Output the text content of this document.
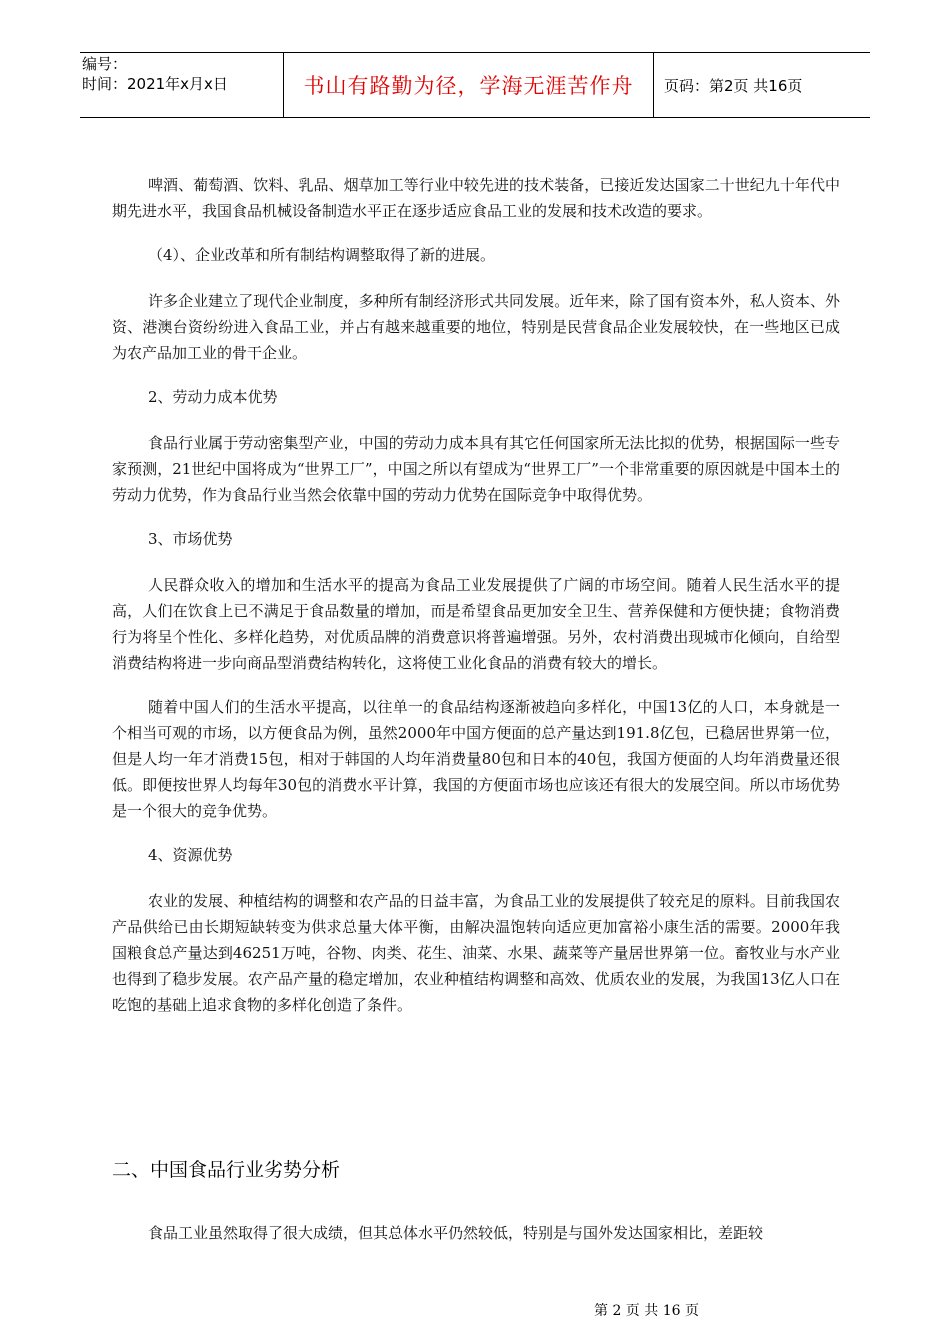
编号：
时间：2021年x月x日	书山有路勤为径，学海无涯苦作舟	页码：第2页 共16页

啤酒、葡萄酒、饮料、乳品、烟草加工等行业中较先进的技术装备，已接近发达国家二十世纪九十年代中期先进水平，我国食品机械设备制造水平正在逐步适应食品工业的发展和技术改造的要求。

（4）、企业改革和所有制结构调整取得了新的进展。

许多企业建立了现代企业制度，多种所有制经济形式共同发展。近年来，除了国有资本外，私人资本、外资、港澳台资纷纷进入食品工业，并占有越来越重要的地位，特别是民营食品企业发展较快，在一些地区已成为农产品加工业的骨干企业。

2、劳动力成本优势

食品行业属于劳动密集型产业，中国的劳动力成本具有其它任何国家所无法比拟的优势，根据国际一些专家预测，21世纪中国将成为“世界工厂”，中国之所以有望成为“世界工厂”一个非常重要的原因就是中国本土的劳动力优势，作为食品行业当然会依靠中国的劳动力优势在国际竞争中取得优势。

3、市场优势

人民群众收入的增加和生活水平的提高为食品工业发展提供了广阔的市场空间。随着人民生活水平的提高，人们在饮食上已不满足于食品数量的增加，而是希望食品更加安全卫生、营养保健和方便快捷；食物消费行为将呈个性化、多样化趋势，对优质品牌的消费意识将普遍增强。另外，农村消费出现城市化倾向，自给型消费结构将进一步向商品型消费结构转化，这将使工业化食品的消费有较大的增长。

随着中国人们的生活水平提高，以往单一的食品结构逐渐被趋向多样化，中国13亿的人口，本身就是一个相当可观的市场，以方便食品为例，虽然2000年中国方便面的总产量达到191.8亿包，已稳居世界第一位，但是人均一年才消费15包，相对于韩国的人均年消费量80包和日本的40包，我国方便面的人均年消费量还很低。即便按世界人均每年30包的消费水平计算，我国的方便面市场也应该还有很大的发展空间。所以市场优势是一个很大的竞争优势。

4、资源优势

农业的发展、种植结构的调整和农产品的日益丰富，为食品工业的发展提供了较充足的原料。目前我国农产品供给已由长期短缺转变为供求总量大体平衡，由解决温饱转向适应更加富裕小康生活的需要。2000年我国粮食总产量达到46251万吨，谷物、肉类、花生、油菜、水果、蔬菜等产量居世界第一位。畜牧业与水产业也得到了稳步发展。农产品产量的稳定增加，农业种植结构调整和高效、优质农业的发展，为我国13亿人口在吃饱的基础上追求食物的多样化创造了条件。

二、中国食品行业劣势分析
食品工业虽然取得了很大成绩，但其总体水平仍然较低，特别是与国外发达国家相比，差距较
第 2 页 共 16 页
